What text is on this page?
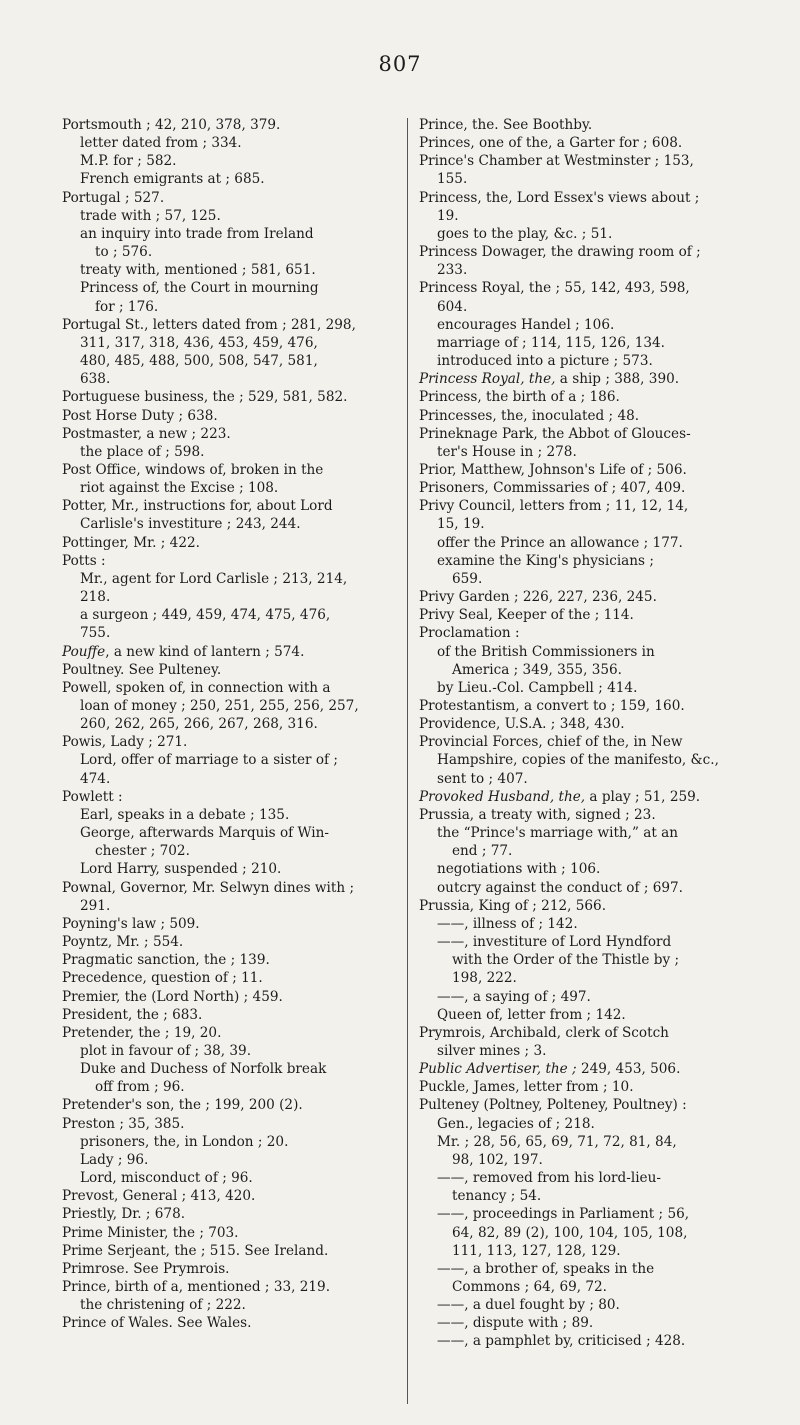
807

Portsmouth ; 42, 210, 378, 379.

letter dated from ; 334.

M.P. for ; 582.

French emigrants at ; 685.

Portugal ; 527.

trade with ; 57, 125.

an inquiry into trade from Ireland

to ; 576.

treaty with, mentioned ; 581, 651.

Princess of, the Court in mourning

for ; 176.

Portugal St., letters dated from ; 281, 298,

311, 317, 318, 436, 453, 459, 476,

480, 485, 488, 500, 508, 547, 581,

638.

Portuguese business, the ; 529, 581, 582.

Post Horse Duty ; 638.

Postmaster, a new ; 223.

the place of ; 598.

Post Office, windows of, broken in the

riot against the Excise ; 108.

Potter, Mr., instructions for, about Lord

Carlisle's investiture ; 243, 244.

Pottinger, Mr. ; 422.

Potts :

Mr., agent for Lord Carlisle ; 213, 214,

218.

a surgeon ; 449, 459, 474, 475, 476,

755.

Pouffe, a new kind of lantern ; 574.

Poultney. See Pulteney.

Powell, spoken of, in connection with a

loan of money ; 250, 251, 255, 256, 257,

260, 262, 265, 266, 267, 268, 316.

Powis, Lady ; 271.

Lord, offer of marriage to a sister of ;

474.

Powlett :

Earl, speaks in a debate ; 135.

George, afterwards Marquis of Win-

chester ; 702.

Lord Harry, suspended ; 210.

Pownal, Governor, Mr. Selwyn dines with ;

291.

Poyning's law ; 509.

Poyntz, Mr. ; 554.

Pragmatic sanction, the ; 139.

Precedence, question of ; 11.

Premier, the (Lord North) ; 459.

President, the ; 683.

Pretender, the ; 19, 20.

plot in favour of ; 38, 39.

Duke and Duchess of Norfolk break

off from ; 96.

Pretender's son, the ; 199, 200 (2).

Preston ; 35, 385.

prisoners, the, in London ; 20.

Lady ; 96.

Lord, misconduct of ; 96.

Prevost, General ; 413, 420.

Priestly, Dr. ; 678.

Prime Minister, the ; 703.

Prime Serjeant, the ; 515. See Ireland.

Primrose. See Prymrois.

Prince, birth of a, mentioned ; 33, 219.

the christening of ; 222.

Prince of Wales. See Wales.

Prince, the. See Boothby.

Princes, one of the, a Garter for ; 608.

Prince's Chamber at Westminster ; 153,

155.

Princess, the, Lord Essex's views about ;

19.

goes to the play, &c. ; 51.

Princess Dowager, the drawing room of ;

233.

Princess Royal, the ; 55, 142, 493, 598,

604.

encourages Handel ; 106.

marriage of ; 114, 115, 126, 134.

introduced into a picture ; 573.

Princess Royal, the, a ship ; 388, 390.

Princess, the birth of a ; 186.

Princesses, the, inoculated ; 48.

Prineknage Park, the Abbot of Glouces-

ter's House in ; 278.

Prior, Matthew, Johnson's Life of ; 506.

Prisoners, Commissaries of ; 407, 409.

Privy Council, letters from ; 11, 12, 14,

15, 19.

offer the Prince an allowance ; 177.

examine the King's physicians ;

659.

Privy Garden ; 226, 227, 236, 245.

Privy Seal, Keeper of the ; 114.

Proclamation :

of the British Commissioners in

America ; 349, 355, 356.

by Lieu.-Col. Campbell ; 414.

Protestantism, a convert to ; 159, 160.

Providence, U.S.A. ; 348, 430.

Provincial Forces, chief of the, in New

Hampshire, copies of the manifesto, &c.,

sent to ; 407.

Provoked Husband, the, a play ; 51, 259.

Prussia, a treaty with, signed ; 23.

the “Prince's marriage with,” at an

end ; 77.

negotiations with ; 106.

outcry against the conduct of ; 697.

Prussia, King of ; 212, 566.

——, illness of ; 142.

——, investiture of Lord Hyndford

with the Order of the Thistle by ;

198, 222.

——, a saying of ; 497.

Queen of, letter from ; 142.

Prymrois, Archibald, clerk of Scotch

silver mines ; 3.

Public Advertiser, the ; 249, 453, 506.

Puckle, James, letter from ; 10.

Pulteney (Poltney, Polteney, Poultney) :

Gen., legacies of ; 218.

Mr. ; 28, 56, 65, 69, 71, 72, 81, 84,

98, 102, 197.

——, removed from his lord-lieu-

tenancy ; 54.

——, proceedings in Parliament ; 56,

64, 82, 89 (2), 100, 104, 105, 108,

111, 113, 127, 128, 129.

——, a brother of, speaks in the

Commons ; 64, 69, 72.

——, a duel fought by ; 80.

——, dispute with ; 89.

——, a pamphlet by, criticised ; 428.
